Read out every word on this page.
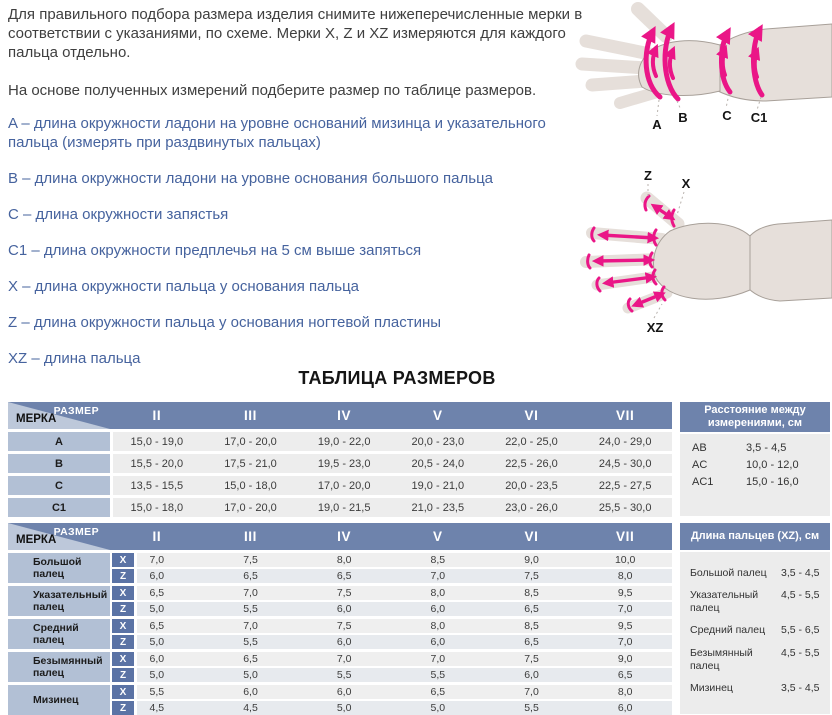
Для правильного подбора размера изделия снимите нижеперечисленные мерки в соответствии с указаниями, по схеме. Мерки X, Z и XZ измеряются для каждого пальца отдельно.

На основе полученных измерений подберите размер по таблице размеров.

A – длина окружности ладони на уровне оснований мизинца и указательного пальца (измерять при раздвинутых пальцах)

B – длина окружности ладони на уровне основания большого пальца

C – длина окружности запястья

C1 – длина окружности предплечья на 5 см выше запяться

X – длина окружности пальца у основания пальца

Z – длина окружности пальца у основания ногтевой пластины

XZ – длина пальца

A B	C C1
Z
X
XZ
ТАБЛИЦА РАЗМЕРОВ
РАЗМЕР
МЕРКА	II	III	IV	V	VI	VII
A	15,0 - 19,0	17,0 - 20,0	19,0 - 22,0	20,0 - 23,0	22,0 - 25,0	24,0 - 29,0
B	15,5 - 20,0	17,5 - 21,0	19,5 - 23,0	20,5 - 24,0	22,5 - 26,0	24,5 - 30,0
C	13,5 - 15,5	15,0 - 18,0	17,0 - 20,0	19,0 - 21,0	20,0 - 23,5	22,5 - 27,5
C1	15,0 - 18,0	17,0 - 20,0	19,0 - 21,5	21,0 - 23,5	23,0 - 26,0	25,5 - 30,0
Расстояние между измерениями, см
AB	3,5 - 4,5
AC	10,0 - 12,0
AC1	15,0 - 16,0
РАЗМЕР
МЕРКА	II	III	IV	V	VI	VII
Большой палец
X	7,0	7,5	8,0	8,5	9,0	10,0
Z	6,0	6,5	6,5	7,0	7,5	8,0
Указательный палец
X	6,5	7,0	7,5	8,0	8,5	9,5
Z	5,0	5,5	6,0	6,0	6,5	7,0
Средний палец
X	6,5	7,0	7,5	8,0	8,5	9,5
Z	5,0	5,5	6,0	6,0	6,5	7,0
Безымянный палец
X	6,0	6,5	7,0	7,0	7,5	9,0
Z	5,0	5,0	5,5	5,5	6,0	6,5
Мизинец
X	5,5	6,0	6,0	6,5	7,0	8,0
Z	4,5	4,5	5,0	5,0	5,5	6,0
Длина пальцев (XZ), см
Большой палец	3,5 - 4,5
Указательный палец
4,5 - 5,5
Средний палец	5,5 - 6,5
Безымянный палец
4,5 - 5,5
Мизинец	3,5 - 4,5
